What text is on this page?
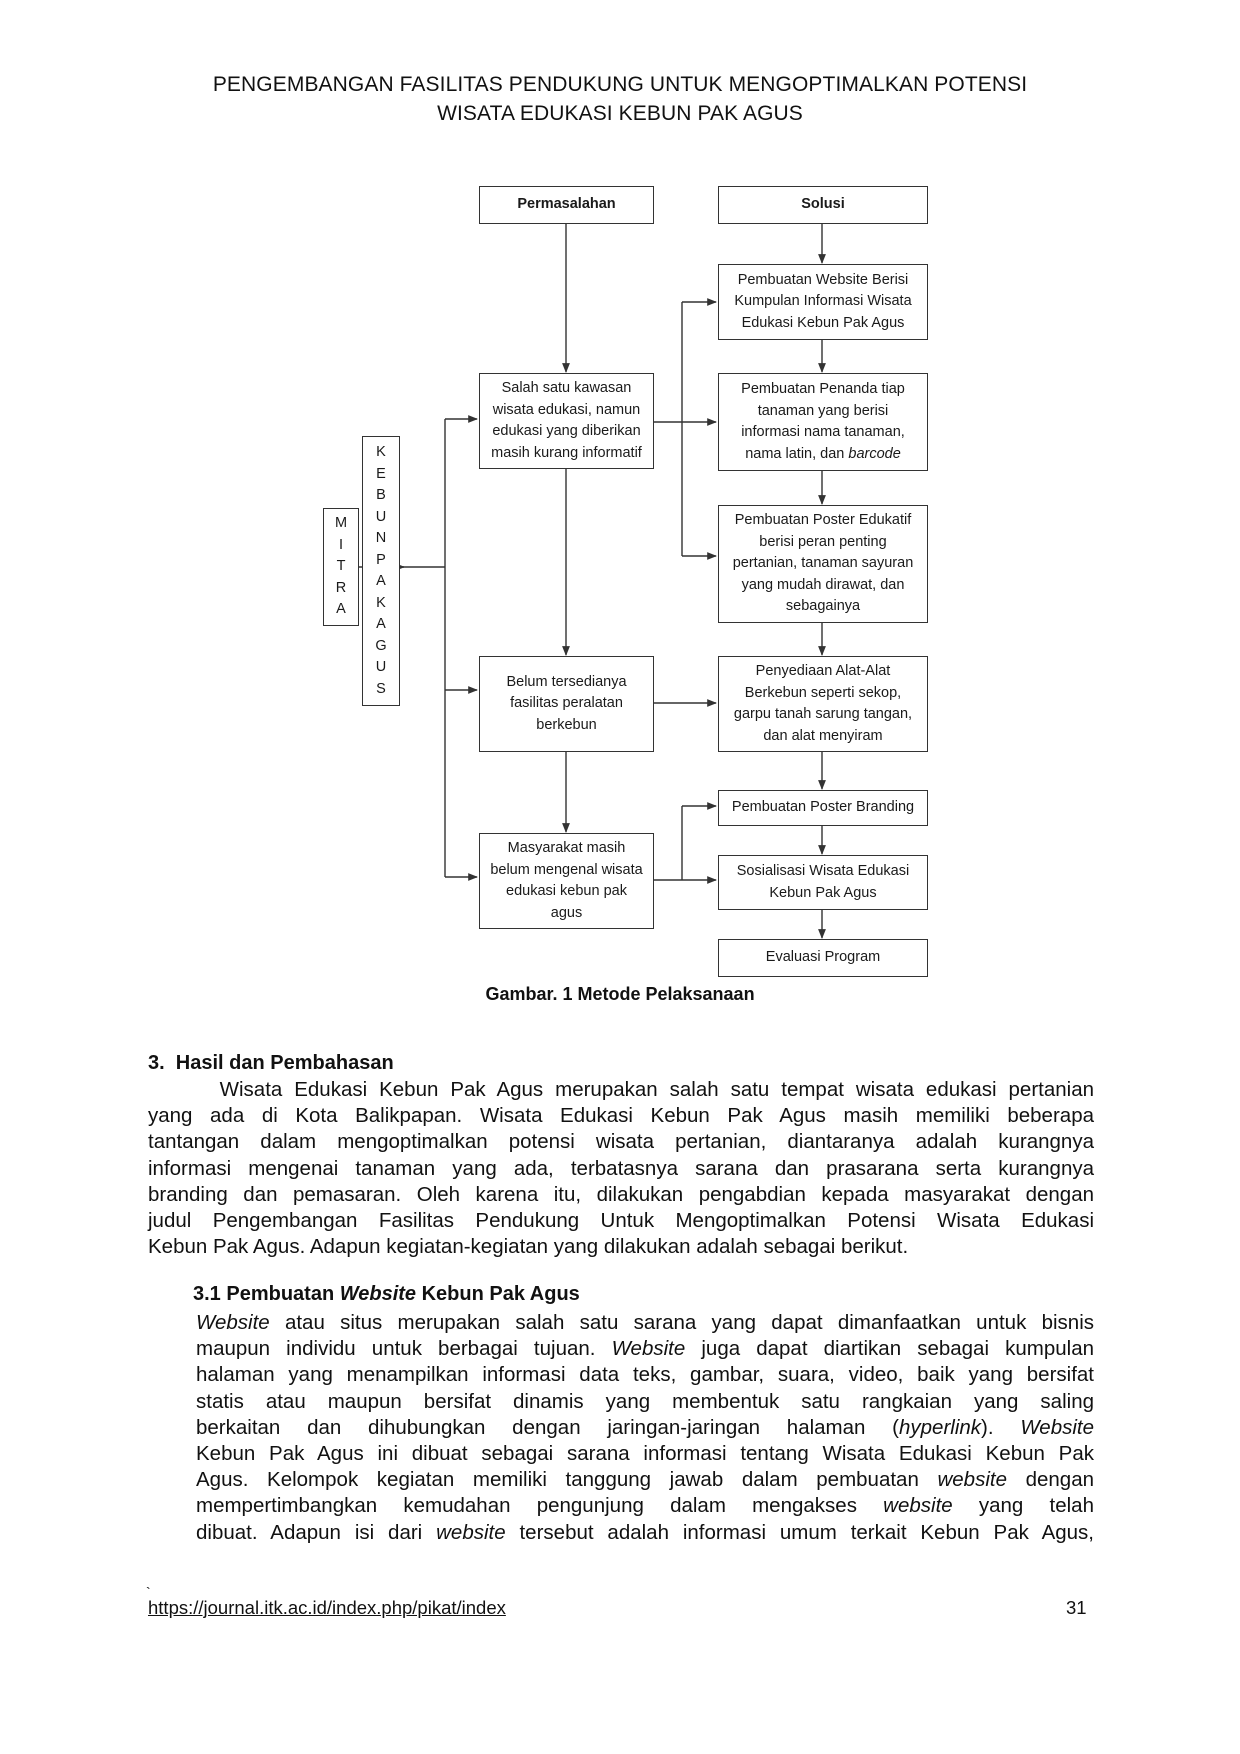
PENGEMBANGAN FASILITAS PENDUKUNG UNTUK MENGOPTIMALKAN POTENSI
WISATA EDUKASI KEBUN PAK AGUS
M
I
T
R
A
K
E
B
U
N
P
A
K
A
G
U
S
Permasalahan	Solusi
Salah satu kawasan
wisata edukasi, namun
edukasi yang diberikan
masih kurang informatif
Belum tersedianya
fasilitas peralatan
berkebun
Masyarakat masih
belum mengenal wisata
edukasi kebun pak
agus
Pembuatan Website Berisi
Kumpulan Informasi Wisata
Edukasi Kebun Pak Agus
Pembuatan Penanda tiap
tanaman yang berisi
informasi nama tanaman,
nama latin, dan barcode
Pembuatan Poster Edukatif
berisi peran penting
pertanian, tanaman sayuran
yang mudah dirawat, dan
sebagainya
Penyediaan Alat-Alat
Berkebun seperti sekop,
garpu tanah sarung tangan,
dan alat menyiram
Pembuatan Poster Branding
Sosialisasi Wisata Edukasi
Kebun Pak Agus
Evaluasi Program
Gambar. 1 Metode Pelaksanaan
3.  Hasil dan Pembahasan
Wisata Edukasi Kebun Pak Agus merupakan salah satu tempat wisata edukasi pertanian
yang ada di Kota Balikpapan. Wisata Edukasi Kebun Pak Agus masih memiliki beberapa
tantangan dalam mengoptimalkan potensi wisata pertanian, diantaranya adalah kurangnya
informasi mengenai tanaman yang ada, terbatasnya sarana dan prasarana serta kurangnya
branding dan pemasaran. Oleh karena itu, dilakukan pengabdian kepada masyarakat dengan
judul Pengembangan Fasilitas Pendukung Untuk Mengoptimalkan Potensi Wisata Edukasi
Kebun Pak Agus. Adapun kegiatan-kegiatan yang dilakukan adalah sebagai berikut.
3.1 Pembuatan Website Kebun Pak Agus
Website atau situs merupakan salah satu sarana yang dapat dimanfaatkan untuk bisnis
maupun individu untuk berbagai tujuan. Website juga dapat diartikan sebagai kumpulan
halaman yang menampilkan informasi data teks, gambar, suara, video, baik yang bersifat
statis atau maupun bersifat dinamis yang membentuk satu rangkaian yang saling
berkaitan dan dihubungkan dengan jaringan-jaringan halaman (hyperlink). Website
Kebun Pak Agus ini dibuat sebagai sarana informasi tentang Wisata Edukasi Kebun Pak
Agus. Kelompok kegiatan memiliki tanggung jawab dalam pembuatan website dengan
mempertimbangkan kemudahan pengunjung dalam mengakses website yang telah
dibuat. Adapun isi dari website tersebut adalah informasi umum terkait Kebun Pak Agus,
`
https://journal.itk.ac.id/index.php/pikat/index	31
